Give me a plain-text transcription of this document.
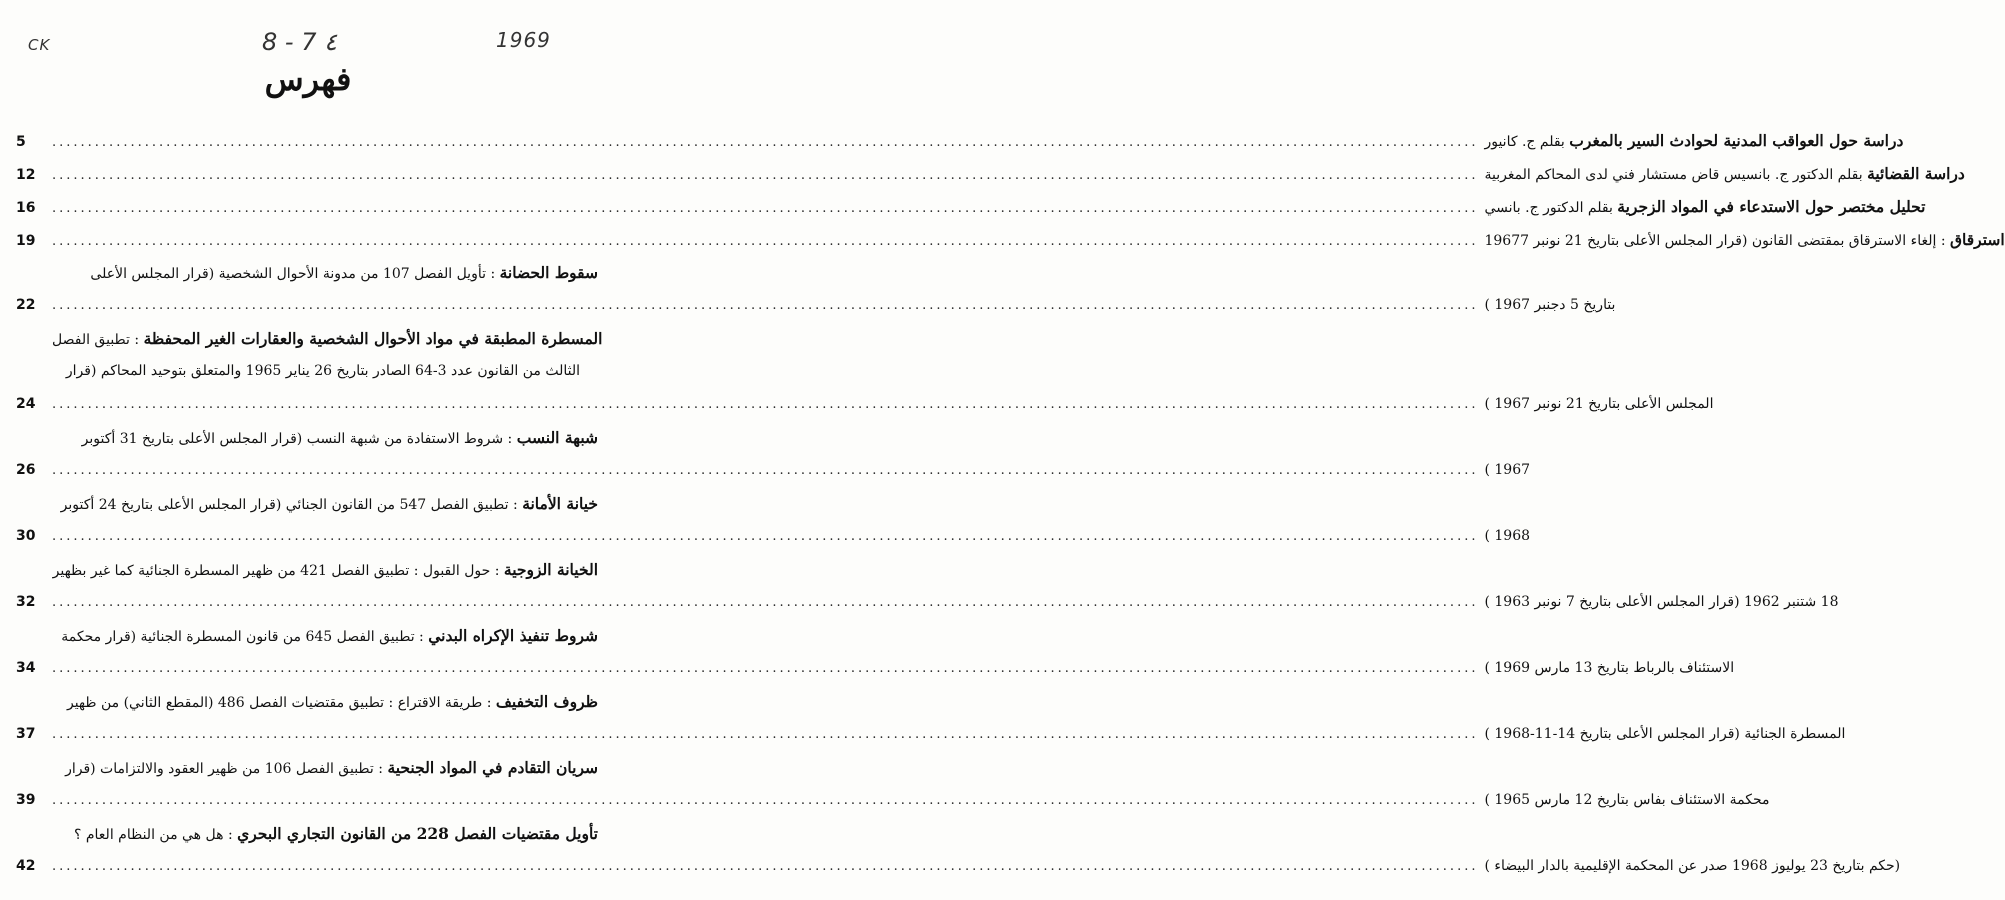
CK	8 - 7 ٤	1969
فهرس
5	........................................................................................................................................................................................................	دراسة حول العواقب المدنية لحوادث السير بالمغرب بقلم ج. كانيور
12	........................................................................................................................................................................................................	دراسة القضائية بقلم الدكتور ج. بانسيس قاض مستشار فني لدى المحاكم المغربية
16	........................................................................................................................................................................................................	تحليل مختصر حول الاستدعاء في المواد الزجرية بقلم الدكتور ج. بانسي
19	........................................................................................................................................................................................................	استرقاق : إلغاء الاسترقاق بمقتضى القانون (قرار المجلس الأعلى بتاريخ 21 نونبر 19677
سقوط الحضانة : تأويل الفصل 107 من مدونة الأحوال الشخصية (قرار المجلس الأعلى
22	........................................................................................................................................................................................................ بتاريخ 5 دجنبر 1967 )
المسطرة المطبقة في مواد الأحوال الشخصية والعقارات الغير المحفظة : تطبيق الفصل
الثالث من القانون عدد 3-64 الصادر بتاريخ 26 يناير 1965 والمتعلق بتوحيد المحاكم (قرار
24	........................................................................................................................................................................................................ المجلس الأعلى بتاريخ 21 نونبر 1967 )
شبهة النسب : شروط الاستفادة من شبهة النسب (قرار المجلس الأعلى بتاريخ 31 أكتوبر
26	........................................................................................................................................................................................................ 1967 )
خيانة الأمانة : تطبيق الفصل 547 من القانون الجنائي (قرار المجلس الأعلى بتاريخ 24 أكتوبر
30	........................................................................................................................................................................................................ 1968 )
الخيانة الزوجية : حول القبول : تطبيق الفصل 421 من ظهير المسطرة الجنائية كما غير بظهير
32	........................................................................................................................................................................................................ 18 شتنبر 1962 (قرار المجلس الأعلى بتاريخ 7 نونبر 1963 )
شروط تنفيذ الإكراه البدني : تطبيق الفصل 645 من قانون المسطرة الجنائية (قرار محكمة
34	........................................................................................................................................................................................................ الاستئناف بالرباط بتاريخ 13 مارس 1969 )
ظروف التخفيف : طريقة الاقتراع : تطبيق مقتضيات الفصل 486 (المقطع الثاني) من ظهير
37	........................................................................................................................................................................................................ المسطرة الجنائية (قرار المجلس الأعلى بتاريخ 14-11-1968 )
سريان التقادم في المواد الجنحية : تطبيق الفصل 106 من ظهير العقود والالتزامات (قرار
39	........................................................................................................................................................................................................ محكمة الاستئناف بفاس بتاريخ 12 مارس 1965 )
تأويل مقتضيات الفصل 228 من القانون التجاري البحري : هل هي من النظام العام ؟
42	........................................................................................................................................................................................................ (حكم بتاريخ 23 يوليوز 1968 صدر عن المحكمة الإقليمية بالدار البيضاء )
